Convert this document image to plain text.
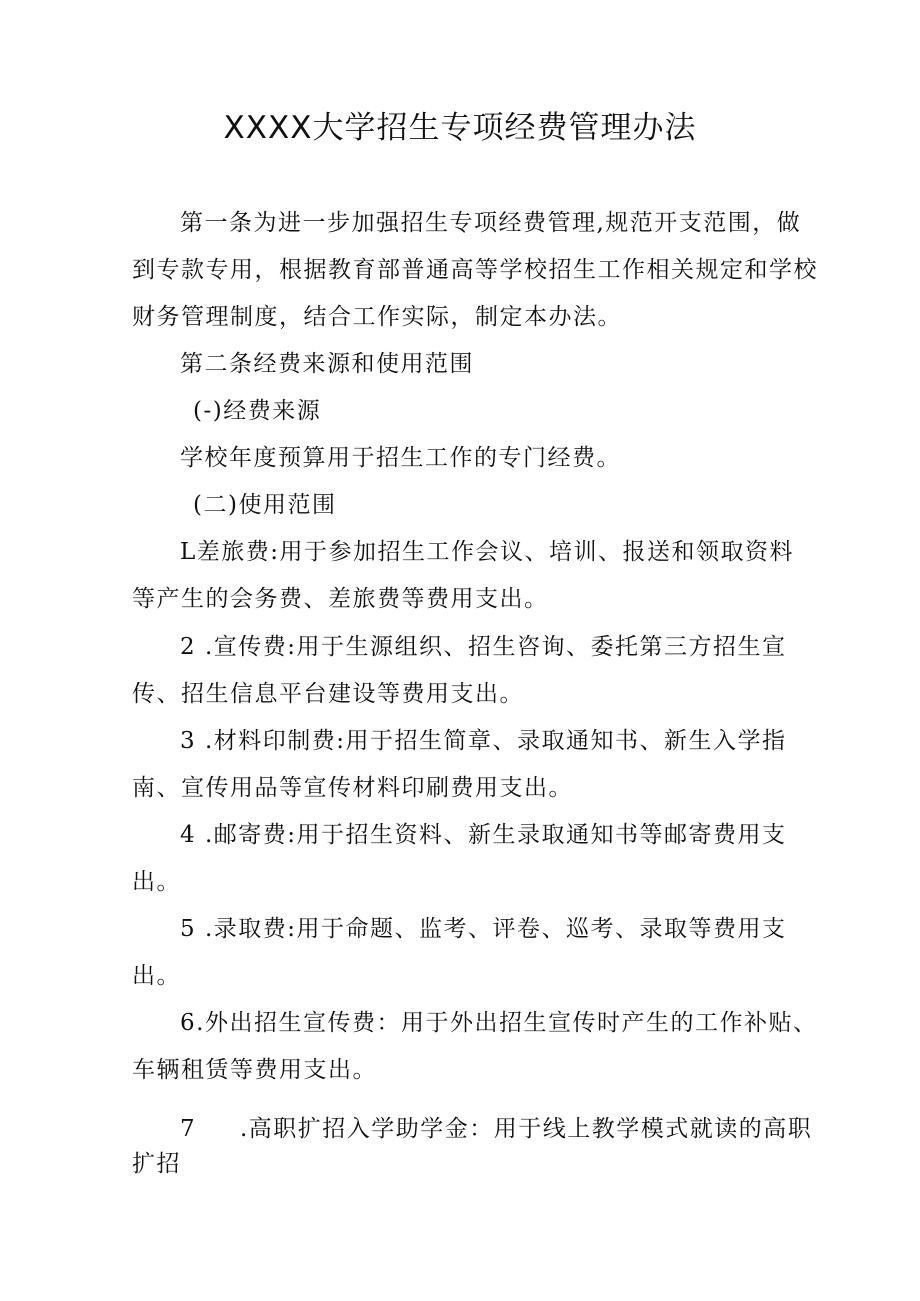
XXXX大学招生专项经费管理办法

第一条为进一步加强招生专项经费管理,规范开支范围，做

到专款专用，根据教育部普通高等学校招生工作相关规定和学校

财务管理制度，结合工作实际，制定本办法。

第二条经费来源和使用范围

(-)经费来源

学校年度预算用于招生工作的专门经费。

(二)使用范围

L差旅费:用于参加招生工作会议、培训、报送和领取资料

等产生的会务费、差旅费等费用支出。

2 .宣传费:用于生源组织、招生咨询、委托第三方招生宣

传、招生信息平台建设等费用支出。

3 .材料印制费:用于招生简章、录取通知书、新生入学指

南、宣传用品等宣传材料印刷费用支出。

4 .邮寄费:用于招生资料、新生录取通知书等邮寄费用支

出。

5 .录取费:用于命题、监考、评卷、巡考、录取等费用支

出。

6.外出招生宣传费：用于外出招生宣传时产生的工作补贴、

车辆租赁等费用支出。

7 .高职扩招入学助学金：用于线上教学模式就读的高职

扩招
